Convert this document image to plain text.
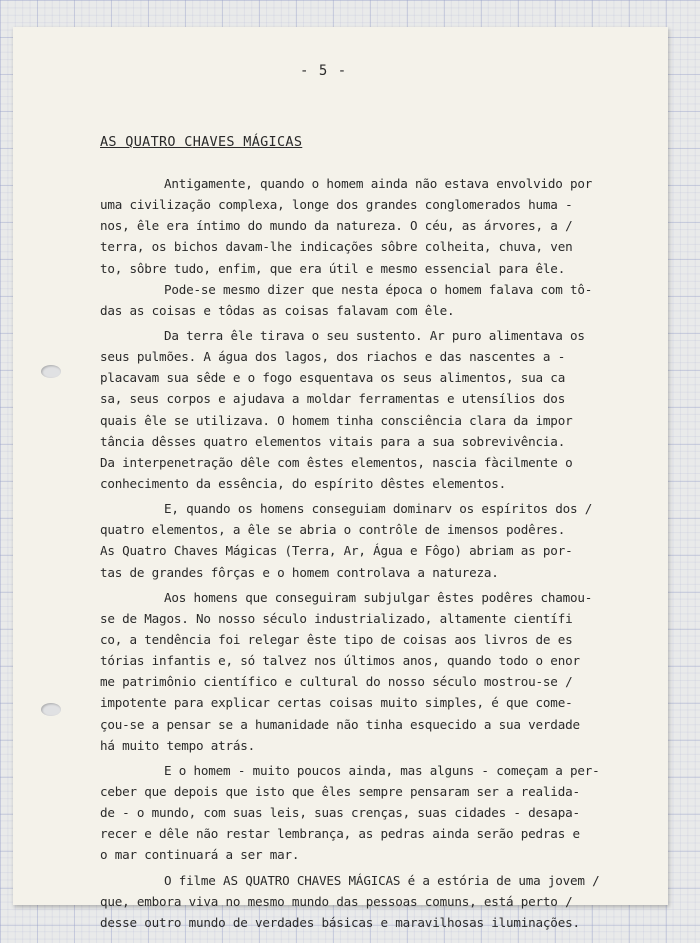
- 5 -
AS QUATRO CHAVES MÁGICAS
Antigamente, quando o homem ainda não estava envolvido por
uma civilização complexa, longe dos grandes conglomerados huma -
nos, êle era íntimo do mundo da natureza. O céu, as árvores, a /
terra, os bichos davam-lhe indicações sôbre colheita, chuva, ven
to, sôbre tudo, enfim, que era útil e mesmo essencial para êle.
Pode-se mesmo dizer que nesta época o homem falava com tô-
das as coisas e tôdas as coisas falavam com êle.
Da terra êle tirava o seu sustento. Ar puro alimentava os
seus pulmões. A água dos lagos, dos riachos e das nascentes a -
placavam sua sêde e o fogo esquentava os seus alimentos, sua ca
sa, seus corpos e ajudava a moldar ferramentas e utensílios dos
quais êle se utilizava. O homem tinha consciência clara da impor
tância dêsses quatro elementos vitais para a sua sobrevivência.
Da interpenetração dêle com êstes elementos, nascia fàcilmente o
conhecimento da essência, do espírito dêstes elementos.
E, quando os homens conseguiam dominarv os espíritos dos /
quatro elementos, a êle se abria o contrôle de imensos podêres.
As Quatro Chaves Mágicas (Terra, Ar, Água e Fôgo) abriam as por-
tas de grandes fôrças e o homem controlava a natureza.
Aos homens que conseguiram subjulgar êstes podêres chamou-
se de Magos. No nosso século industrializado, altamente científi
co, a tendência foi relegar êste tipo de coisas aos livros de es
tórias infantis e, só talvez nos últimos anos, quando todo o enor
me patrimônio científico e cultural do nosso século mostrou-se /
impotente para explicar certas coisas muito simples, é que come-
çou-se a pensar se a humanidade não tinha esquecido a sua verdade
há muito tempo atrás.
E o homem - muito poucos ainda, mas alguns - começam a per-
ceber que depois que isto que êles sempre pensaram ser a realida-
de - o mundo, com suas leis, suas crenças, suas cidades - desapa-
recer e dêle não restar lembrança, as pedras ainda serão pedras e
o mar continuará a ser mar.
O filme AS QUATRO CHAVES MÁGICAS é a estória de uma jovem /
que, embora viva no mesmo mundo das pessoas comuns, está perto /
desse outro mundo de verdades básicas e maravilhosas iluminações.
